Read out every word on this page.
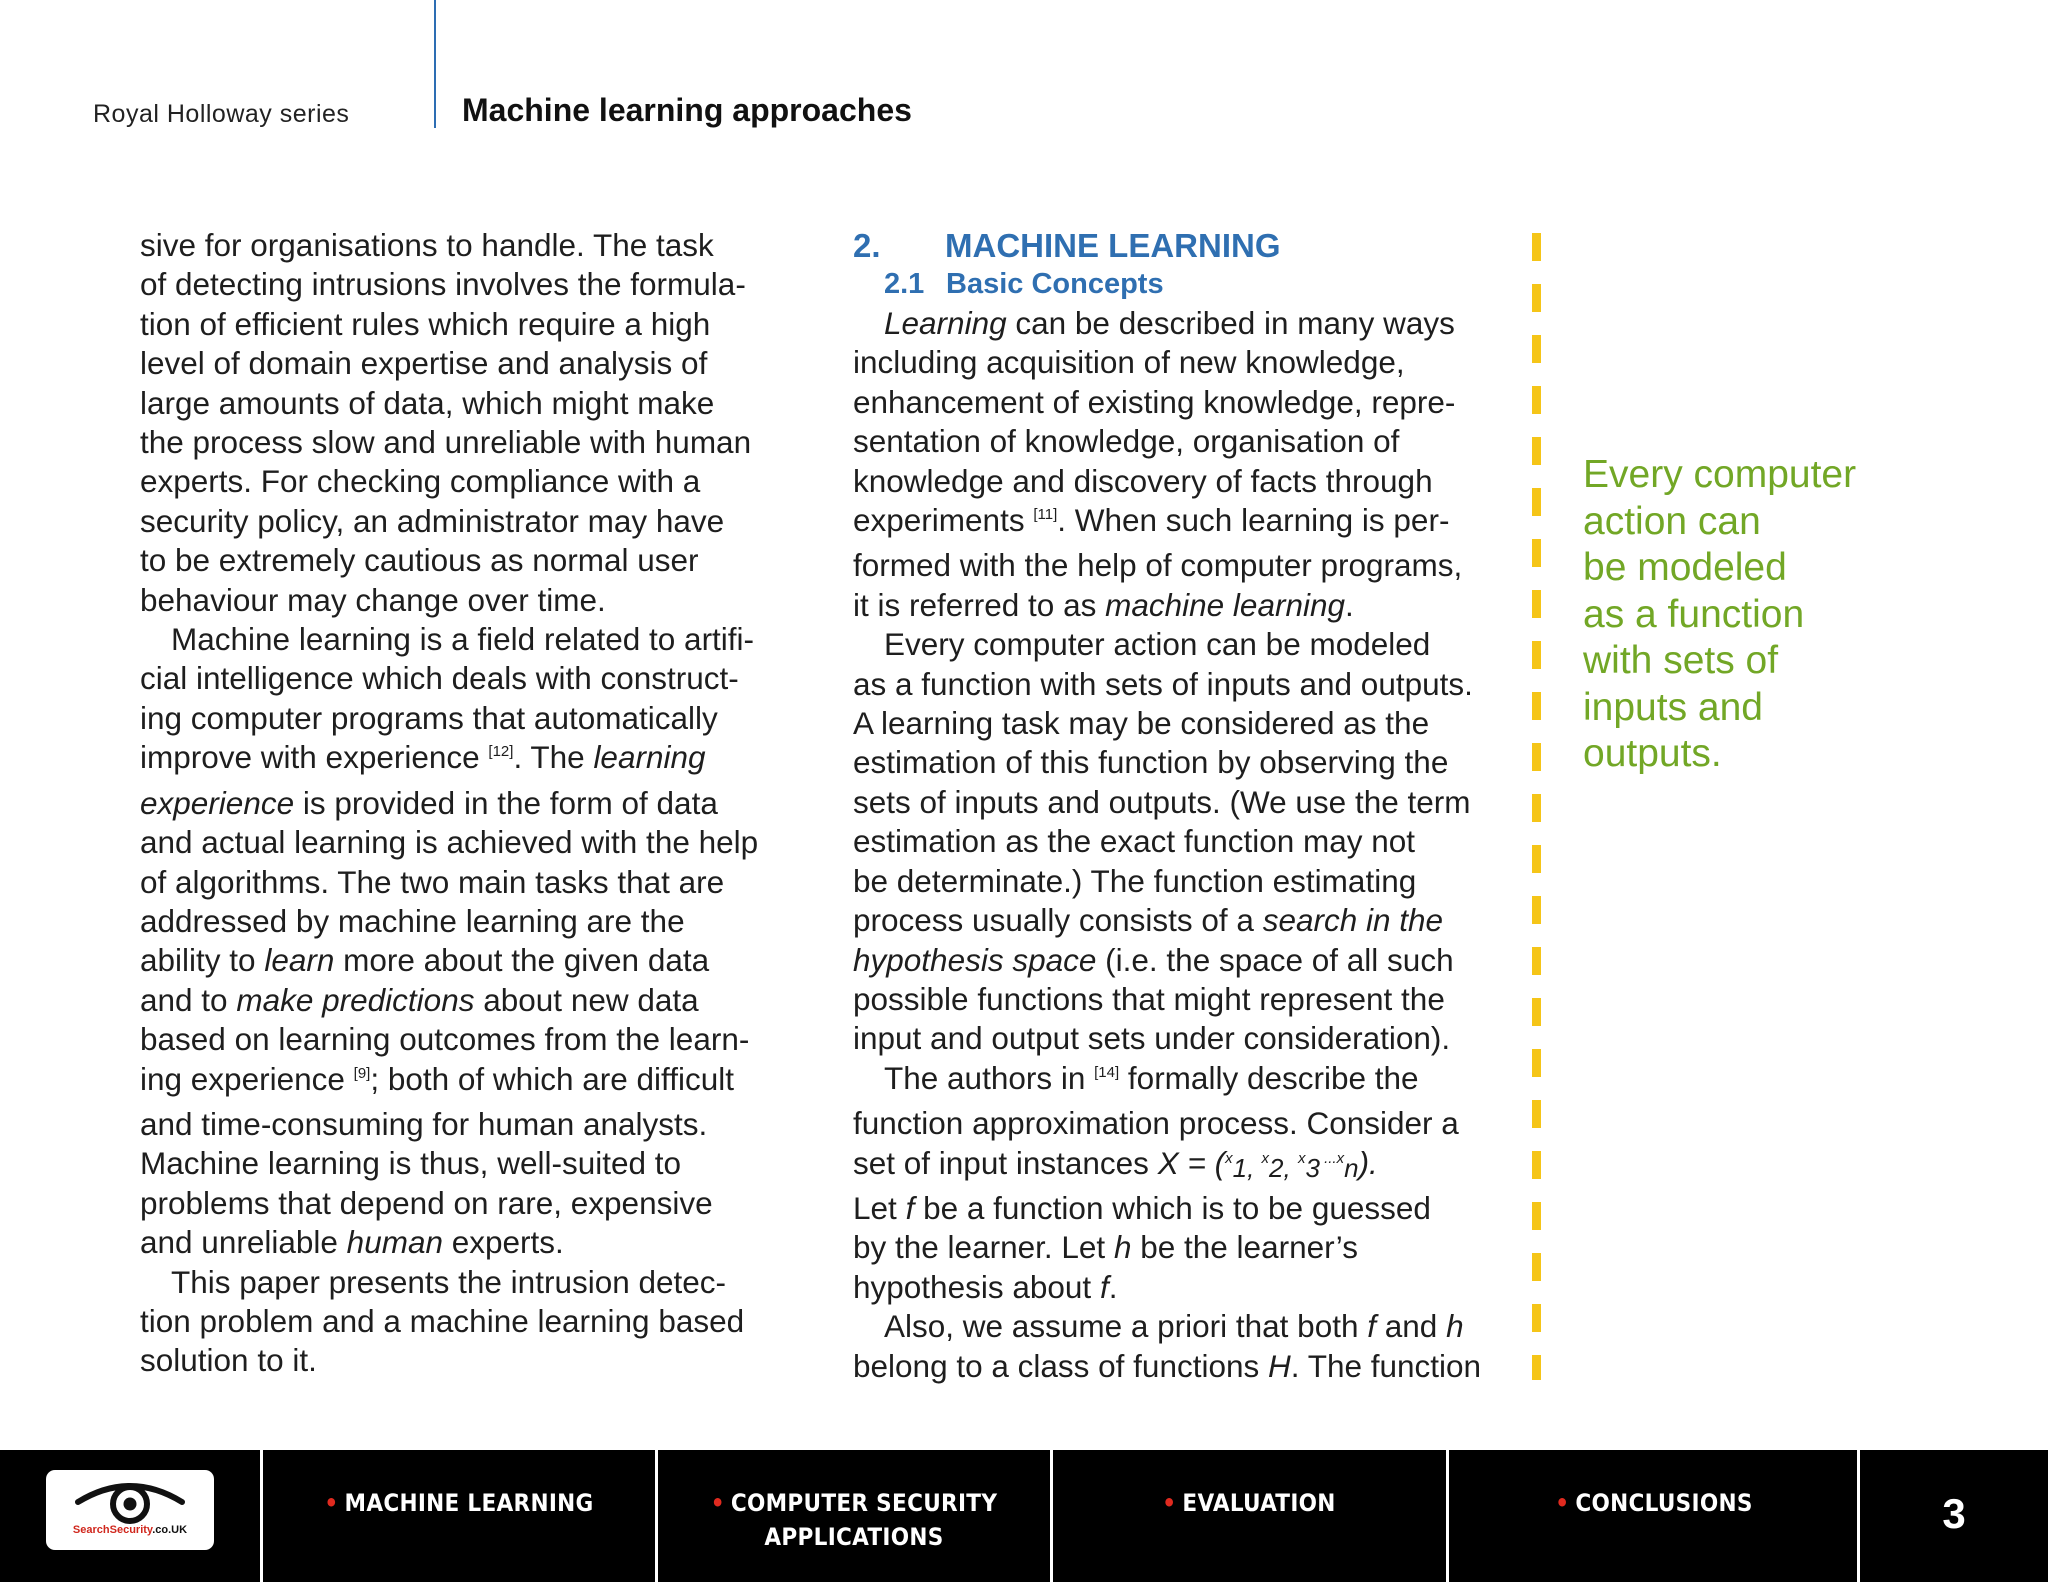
Royal Holloway series	Machine learning approaches

sive for organisations to handle. The task

of detecting intrusions involves the formula-

tion of efficient rules which require a high

level of domain expertise and analysis of

large amounts of data, which might make

the process slow and unreliable with human

experts. For checking compliance with a

security policy, an administrator may have

to be extremely cautious as normal user

behaviour may change over time.

Machine learning is a field related to artifi-

cial intelligence which deals with construct-

ing computer programs that automatically

improve with experience [12]. The learning

experience is provided in the form of data

and actual learning is achieved with the help

of algorithms. The two main tasks that are

addressed by machine learning are the

ability to learn more about the given data

and to make predictions about new data

based on learning outcomes from the learn-

ing experience [9]; both of which are difficult

and time-consuming for human analysts.

Machine learning is thus, well-suited to

problems that depend on rare, expensive

and unreliable human experts.

This paper presents the intrusion detec-

tion problem and a machine learning based

solution to it.

2. MACHINE LEARNING
2.1 Basic Concepts

Learning can be described in many ways

including acquisition of new knowledge,

enhancement of existing knowledge, repre-

sentation of knowledge, organisation of

knowledge and discovery of facts through

experiments [11]. When such learning is per-

formed with the help of computer programs,

it is referred to as machine learning.

Every computer action can be modeled

as a function with sets of inputs and outputs.

A learning task may be considered as the

estimation of this function by observing the

sets of inputs and outputs. (We use the term

estimation as the exact function may not

be determinate.) The function estimating

process usually consists of a search in the

hypothesis space (i.e. the space of all such

possible functions that might represent the

input and output sets under consideration).

The authors in [14] formally describe the

function approximation process. Consider a

set of input instances X = ($^x_{1,}$ $^x_{2,}$ $^x_3$ $^{...x}_n$).

Let f be a function which is to be guessed

by the learner. Let h be the learner’s

hypothesis about f.

Also, we assume a priori that both f and h

belong to a class of functions H. The function

Every computer
action can
be modeled
as a function
with sets of
inputs and
outputs.
SearchSecurity.co.UK
• MACHINE LEARNING	• COMPUTER SECURITY
APPLICATIONS
• EVALUATION	• CONCLUSIONS	3
